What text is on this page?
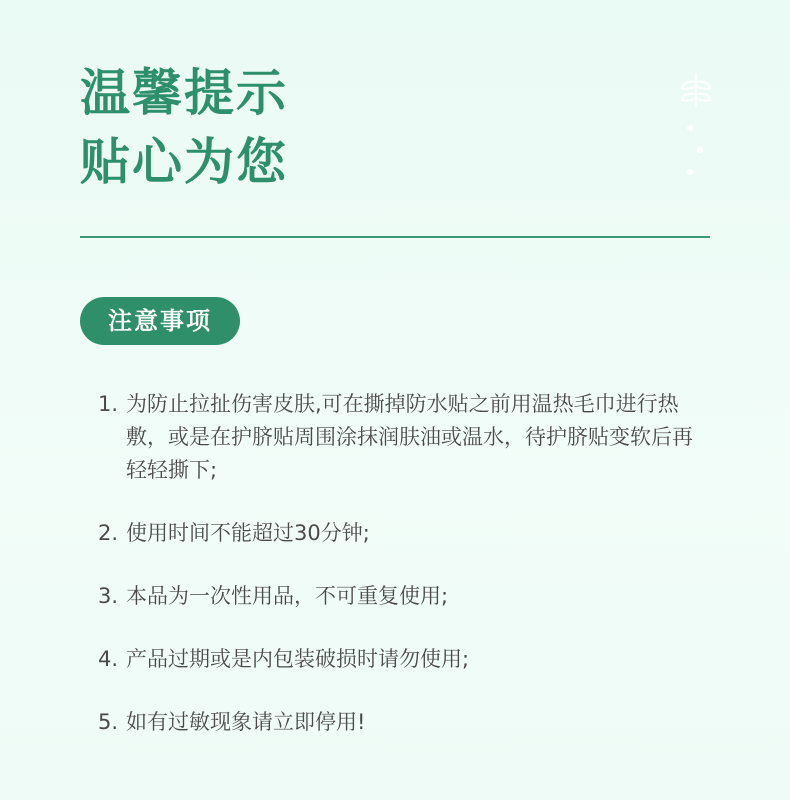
温馨提示
贴心为您
注意事项
1. 为防止拉扯伤害皮肤,可在撕掉防水贴之前用温热毛巾进行热敷，或是在护脐贴周围涂抹润肤油或温水，待护脐贴变软后再轻轻撕下;
2. 使用时间不能超过30分钟;
3. 本品为一次性用品，不可重复使用;
4. 产品过期或是内包装破损时请勿使用;
5. 如有过敏现象请立即停用!
